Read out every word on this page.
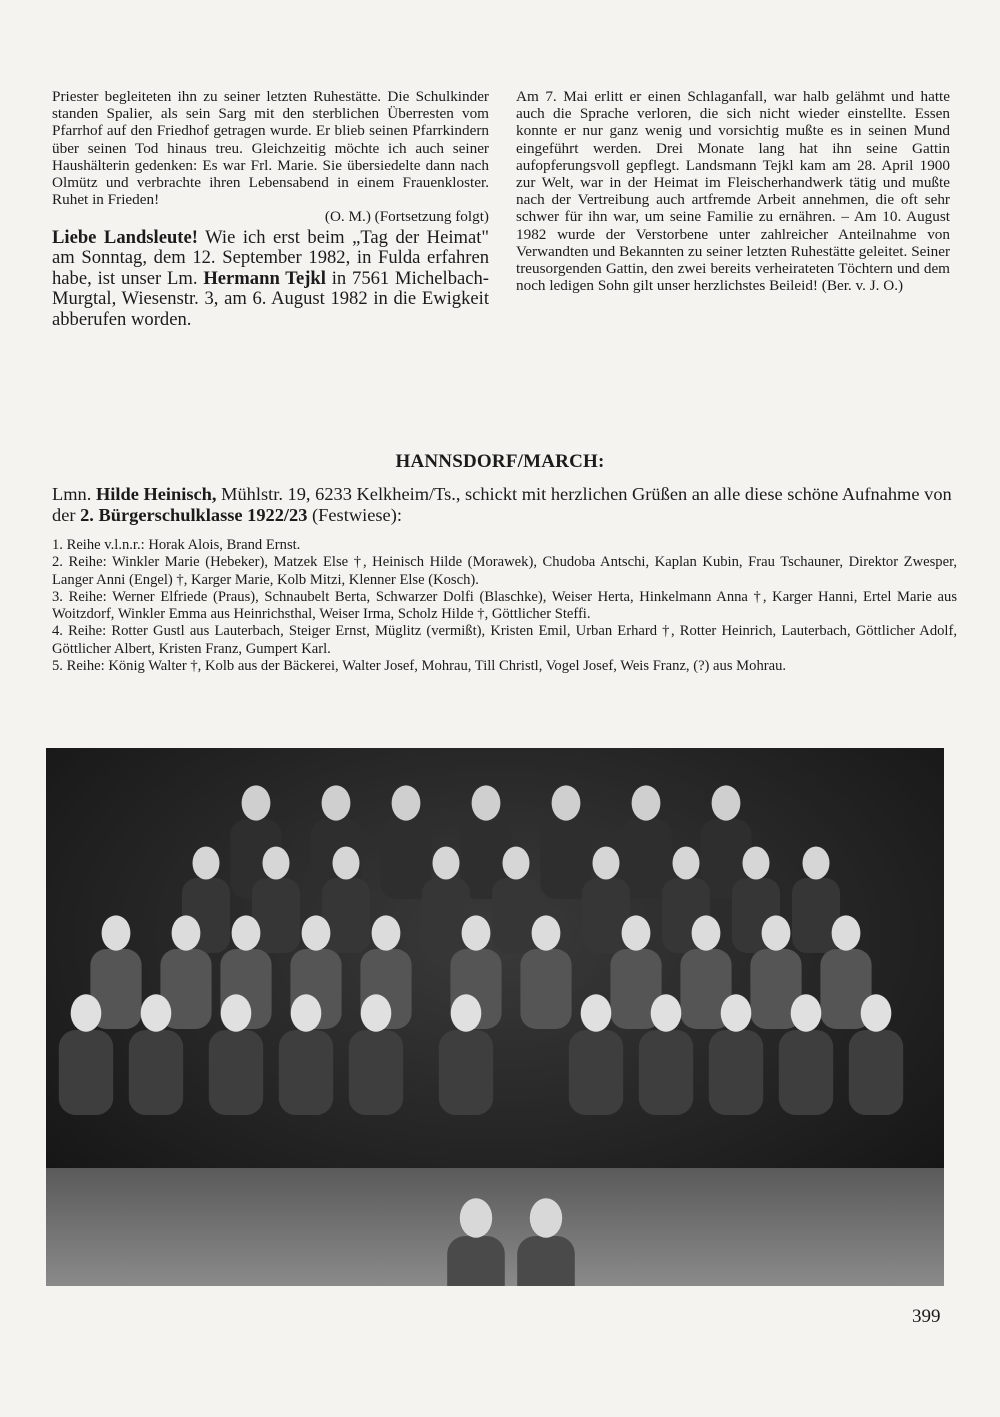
Priester begleiteten ihn zu seiner letzten Ruhestätte. Die Schulkinder standen Spalier, als sein Sarg mit den sterblichen Überresten vom Pfarrhof auf den Friedhof getragen wurde. Er blieb seinen Pfarrkindern über seinen Tod hinaus treu. Gleichzeitig möchte ich auch seiner Haushälterin gedenken: Es war Frl. Marie. Sie übersiedelte dann nach Olmütz und verbrachte ihren Lebensabend in einem Frauenkloster. Ruhet in Frieden!

(O. M.) (Fortsetzung folgt)

Liebe Landsleute! Wie ich erst beim „Tag der Heimat" am Sonntag, dem 12. September 1982, in Fulda erfahren habe, ist unser Lm. Hermann Tejkl in 7561 Michelbach-Murgtal, Wiesenstr. 3, am 6. August 1982 in die Ewigkeit abberufen worden.

Am 7. Mai erlitt er einen Schlaganfall, war halb gelähmt und hatte auch die Sprache verloren, die sich nicht wieder einstellte. Essen konnte er nur ganz wenig und vorsichtig mußte es in seinen Mund eingeführt werden. Drei Monate lang hat ihn seine Gattin aufopferungsvoll gepflegt. Landsmann Tejkl kam am 28. April 1900 zur Welt, war in der Heimat im Fleischerhandwerk tätig und mußte nach der Vertreibung auch artfremde Arbeit annehmen, die oft sehr schwer für ihn war, um seine Familie zu ernähren. – Am 10. August 1982 wurde der Verstorbene unter zahlreicher Anteilnahme von Verwandten und Bekannten zu seiner letzten Ruhestätte geleitet. Seiner treusorgenden Gattin, den zwei bereits verheirateten Töchtern und dem noch ledigen Sohn gilt unser herzlichstes Beileid! (Ber. v. J. O.)

HANNSDORF/MARCH:

Lmn. Hilde Heinisch, Mühlstr. 19, 6233 Kelkheim/Ts., schickt mit herzlichen Grüßen an alle diese schöne Aufnahme von der 2. Bürgerschulklasse 1922/23 (Festwiese):

1. Reihe v.l.n.r.: Horak Alois, Brand Ernst.

2. Reihe: Winkler Marie (Hebeker), Matzek Else †, Heinisch Hilde (Morawek), Chudoba Antschi, Kaplan Kubin, Frau Tschauner, Direktor Zwesper, Langer Anni (Engel) †, Karger Marie, Kolb Mitzi, Klenner Else (Kosch).

3. Reihe: Werner Elfriede (Praus), Schnaubelt Berta, Schwarzer Dolfi (Blaschke), Weiser Herta, Hinkelmann Anna †, Karger Hanni, Ertel Marie aus Woitzdorf, Winkler Emma aus Heinrichsthal, Weiser Irma, Scholz Hilde †, Göttlicher Steffi.

4. Reihe: Rotter Gustl aus Lauterbach, Steiger Ernst, Müglitz (vermißt), Kristen Emil, Urban Erhard †, Rotter Heinrich, Lauterbach, Göttlicher Adolf, Göttlicher Albert, Kristen Franz, Gumpert Karl.

5. Reihe: König Walter †, Kolb aus der Bäckerei, Walter Josef, Mohrau, Till Christl, Vogel Josef, Weis Franz, (?) aus Mohrau.

399
